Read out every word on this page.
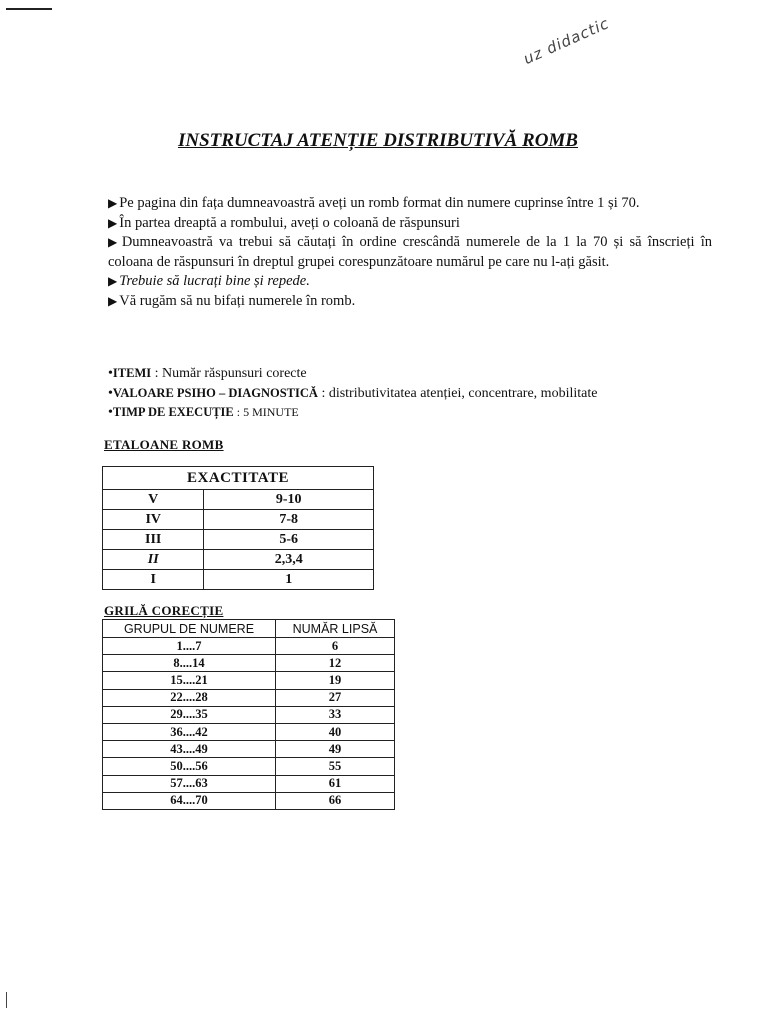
uz didactic
INSTRUCTAJ ATENȚIE DISTRIBUTIVĂ ROMB

▶ Pe pagina din fața dumneavoastră aveți un romb format din numere cuprinse între 1 și 70.

▶ În partea dreaptă a rombului, aveți o coloană de răspunsuri

▶ Dumneavoastră va trebui să căutați în ordine crescândă numerele de la 1 la 70 și să înscrieți în coloana de răspunsuri în dreptul grupei corespunzătoare numărul pe care nu l-ați găsit.

▶ Trebuie să lucrați bine și repede.

▶ Vă rugăm să nu bifați numerele în romb.

•ITEMI : Număr răspunsuri corecte

•VALOARE PSIHO – DIAGNOSTICĂ : distributivitatea atenției, concentrare, mobilitate

•TIMP DE EXECUȚIE : 5 MINUTE

ETALOANE ROMB
EXACTITATE	
V	9-10
IV	7-8
III	5-6
II	2,3,4
I	1
GRILĂ CORECȚIE
GRUPUL DE NUMERE	NUMĂR LIPSĂ
1....7	6
8....14	12
15....21	19
22....28	27
29....35	33
36....42	40
43....49	49
50....56	55
57....63	61
64....70	66
